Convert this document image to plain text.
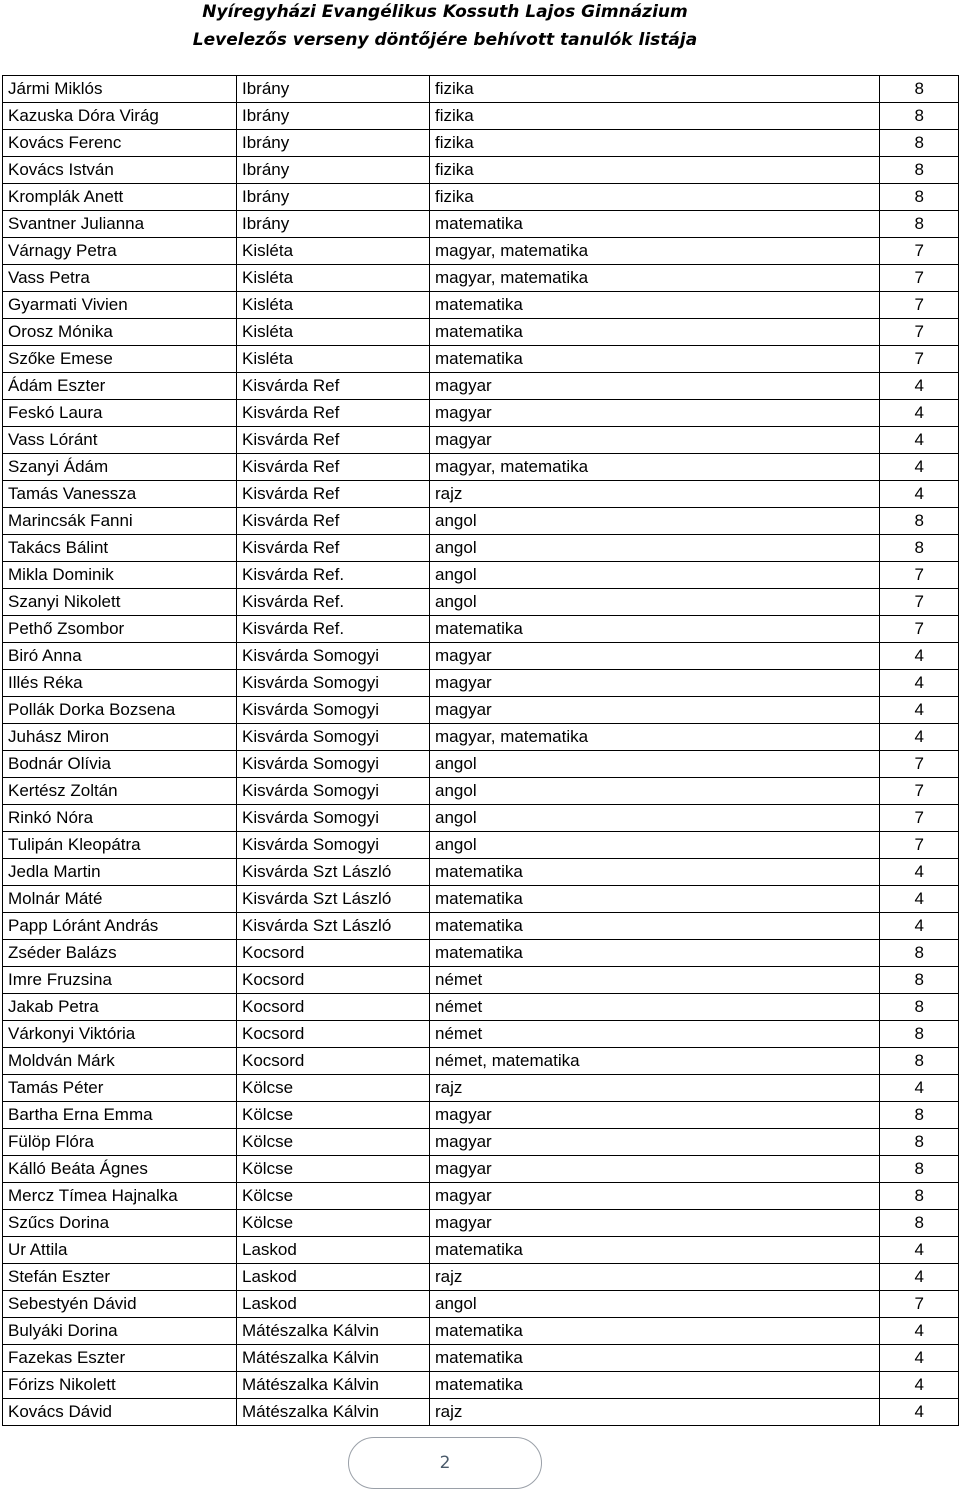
Nyíregyházi Evangélikus Kossuth Lajos Gimnázium
Levelezős verseny döntőjére behívott tanulók listája
Jármi Miklós	Ibrány	fizika	8
Kazuska Dóra Virág	Ibrány	fizika	8
Kovács Ferenc	Ibrány	fizika	8
Kovács István	Ibrány	fizika	8
Kromplák Anett	Ibrány	fizika	8
Svantner Julianna	Ibrány	matematika	8
Várnagy Petra	Kisléta	magyar, matematika	7
Vass Petra	Kisléta	magyar, matematika	7
Gyarmati Vivien	Kisléta	matematika	7
Orosz Mónika	Kisléta	matematika	7
Szőke Emese	Kisléta	matematika	7
Ádám Eszter	Kisvárda Ref	magyar	4
Feskó Laura	Kisvárda Ref	magyar	4
Vass Lóránt	Kisvárda Ref	magyar	4
Szanyi Ádám	Kisvárda Ref	magyar, matematika	4
Tamás Vanessza	Kisvárda Ref	rajz	4
Marincsák Fanni	Kisvárda Ref	angol	8
Takács Bálint	Kisvárda Ref	angol	8
Mikla Dominik	Kisvárda Ref.	angol	7
Szanyi Nikolett	Kisvárda Ref.	angol	7
Pethő Zsombor	Kisvárda Ref.	matematika	7
Biró Anna	Kisvárda Somogyi	magyar	4
Illés Réka	Kisvárda Somogyi	magyar	4
Pollák Dorka Bozsena	Kisvárda Somogyi	magyar	4
Juhász Miron	Kisvárda Somogyi	magyar, matematika	4
Bodnár Olívia	Kisvárda Somogyi	angol	7
Kertész Zoltán	Kisvárda Somogyi	angol	7
Rinkó Nóra	Kisvárda Somogyi	angol	7
Tulipán Kleopátra	Kisvárda Somogyi	angol	7
Jedla Martin	Kisvárda Szt László	matematika	4
Molnár Máté	Kisvárda Szt László	matematika	4
Papp Lóránt András	Kisvárda Szt László	matematika	4
Zséder Balázs	Kocsord	matematika	8
Imre Fruzsina	Kocsord	német	8
Jakab Petra	Kocsord	német	8
Várkonyi Viktória	Kocsord	német	8
Moldván Márk	Kocsord	német, matematika	8
Tamás Péter	Kölcse	rajz	4
Bartha Erna Emma	Kölcse	magyar	8
Fülöp Flóra	Kölcse	magyar	8
Kálló Beáta Ágnes	Kölcse	magyar	8
Mercz Tímea Hajnalka	Kölcse	magyar	8
Szűcs Dorina	Kölcse	magyar	8
Ur Attila	Laskod	matematika	4
Stefán Eszter	Laskod	rajz	4
Sebestyén Dávid	Laskod	angol	7
Bulyáki Dorina	Mátészalka Kálvin	matematika	4
Fazekas Eszter	Mátészalka Kálvin	matematika	4
Fórizs Nikolett	Mátészalka Kálvin	matematika	4
Kovács Dávid	Mátészalka Kálvin	rajz	4
2
